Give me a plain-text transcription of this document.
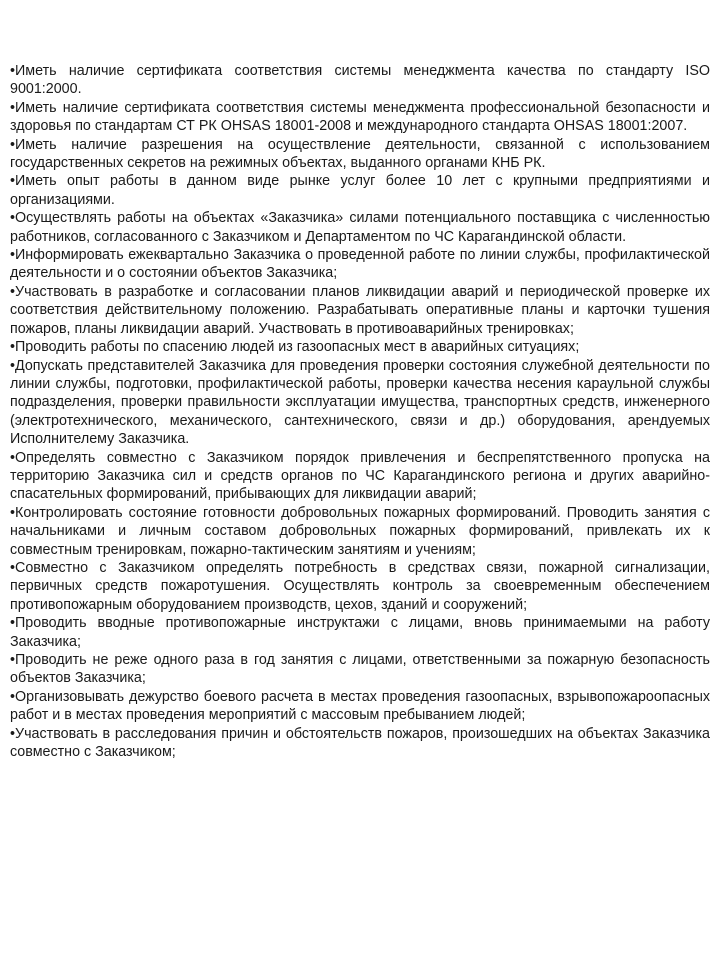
•Иметь наличие сертификата соответствия системы менеджмента качества по стандарту ISO 9001:2000.

•Иметь наличие сертификата соответствия системы менеджмента профессиональной безопасности и здоровья по стандартам СТ РК OHSAS 18001-2008 и международного стандарта OHSAS 18001:2007.

•Иметь наличие разрешения на осуществление деятельности, связанной с использованием государственных секретов на режимных объектах, выданного органами КНБ РК.

•Иметь опыт работы в данном виде рынке услуг более 10 лет с крупными предприятиями и организациями.

•Осуществлять работы на объектах «Заказчика» силами потенциального поставщика с численностью работников, согласованного с Заказчиком и Департаментом по ЧС Карагандинской области.

•Информировать ежеквартально Заказчика о проведенной работе по линии службы, профилактической деятельности и о состоянии объектов Заказчика;

•Участвовать в разработке и согласовании планов ликвидации аварий и периодической проверке их соответствия действительному положению. Разрабатывать оперативные планы и карточки тушения пожаров, планы ликвидации аварий. Участвовать в противоаварийных тренировках;

•Проводить работы по спасению людей из газоопасных мест в аварийных ситуациях;

•Допускать представителей Заказчика для проведения проверки состояния служебной деятельности по линии службы, подготовки, профилактической работы, проверки качества несения караульной службы подразделения, проверки правильности эксплуатации имущества, транспортных средств, инженерного (электротехнического, механического, сантехнического, связи и др.) оборудования, арендуемых Исполнителему Заказчика.

•Определять совместно с Заказчиком порядок привлечения и беспрепятственного пропуска на территорию Заказчика сил и средств органов по ЧС Карагандинского региона и других аварийно-спасательных формирований, прибывающих для ликвидации аварий;

•Контролировать состояние готовности добровольных пожарных формирований. Проводить занятия с начальниками и личным составом добровольных пожарных формирований, привлекать их к совместным тренировкам, пожарно-тактическим занятиям и учениям;

•Совместно с Заказчиком определять потребность в средствах связи, пожарной сигнализации, первичных средств пожаротушения. Осуществлять контроль за своевременным обеспечением противопожарным оборудованием производств, цехов, зданий и сооружений;

•Проводить вводные противопожарные инструктажи с лицами, вновь принимаемыми на работу Заказчика;

•Проводить не реже одного раза в год занятия с лицами, ответственными за пожарную безопасность объектов Заказчика;

•Организовывать дежурство боевого расчета в местах проведения газоопасных, взрывопожароопасных работ и в местах проведения мероприятий с массовым пребыванием людей;

•Участвовать в расследования причин и обстоятельств пожаров, произошедших на объектах Заказчика совместно с Заказчиком;
